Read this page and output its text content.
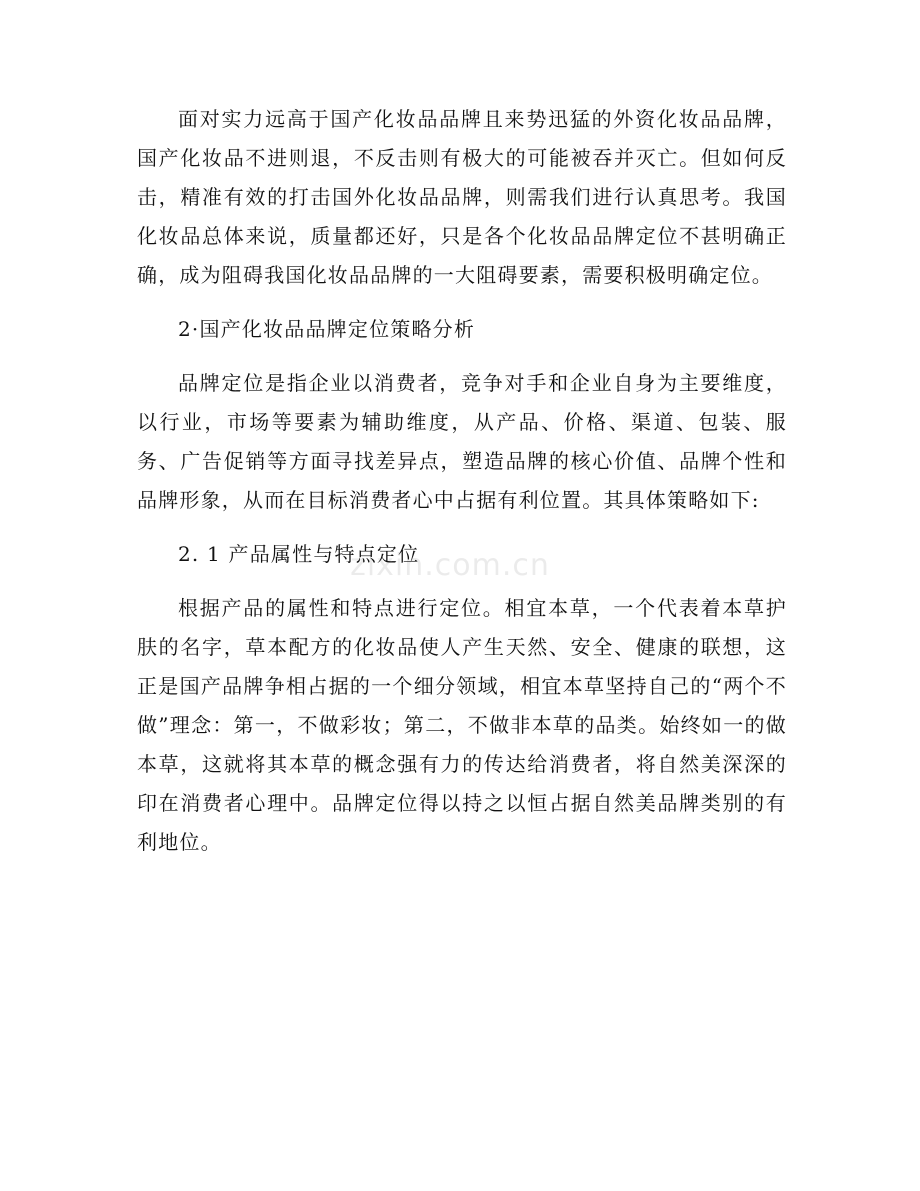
面对实力远高于国产化妆品品牌且来势迅猛的外资化妆品品牌，国产化妆品不进则退，不反击则有极大的可能被吞并灭亡。但如何反击，精准有效的打击国外化妆品品牌，则需我们进行认真思考。我国化妆品总体来说，质量都还好，只是各个化妆品品牌定位不甚明确正确，成为阻碍我国化妆品品牌的一大阻碍要素，需要积极明确定位。

2·国产化妆品品牌定位策略分析

品牌定位是指企业以消费者，竞争对手和企业自身为主要维度，以行业，市场等要素为辅助维度，从产品、价格、渠道、包装、服务、广告促销等方面寻找差异点，塑造品牌的核心价值、品牌个性和品牌形象，从而在目标消费者心中占据有利位置。其具体策略如下:

2. 1 产品属性与特点定位

根据产品的属性和特点进行定位。相宜本草，一个代表着本草护肤的名字，草本配方的化妆品使人产生天然、安全、健康的联想，这正是国产品牌争相占据的一个细分领域，相宜本草坚持自己的“两个不做”理念：第一，不做彩妆；第二，不做非本草的品类。始终如一的做本草，这就将其本草的概念强有力的传达给消费者，将自然美深深的印在消费者心理中。品牌定位得以持之以恒占据自然美品牌类别的有利地位。

zixin.com.cn
